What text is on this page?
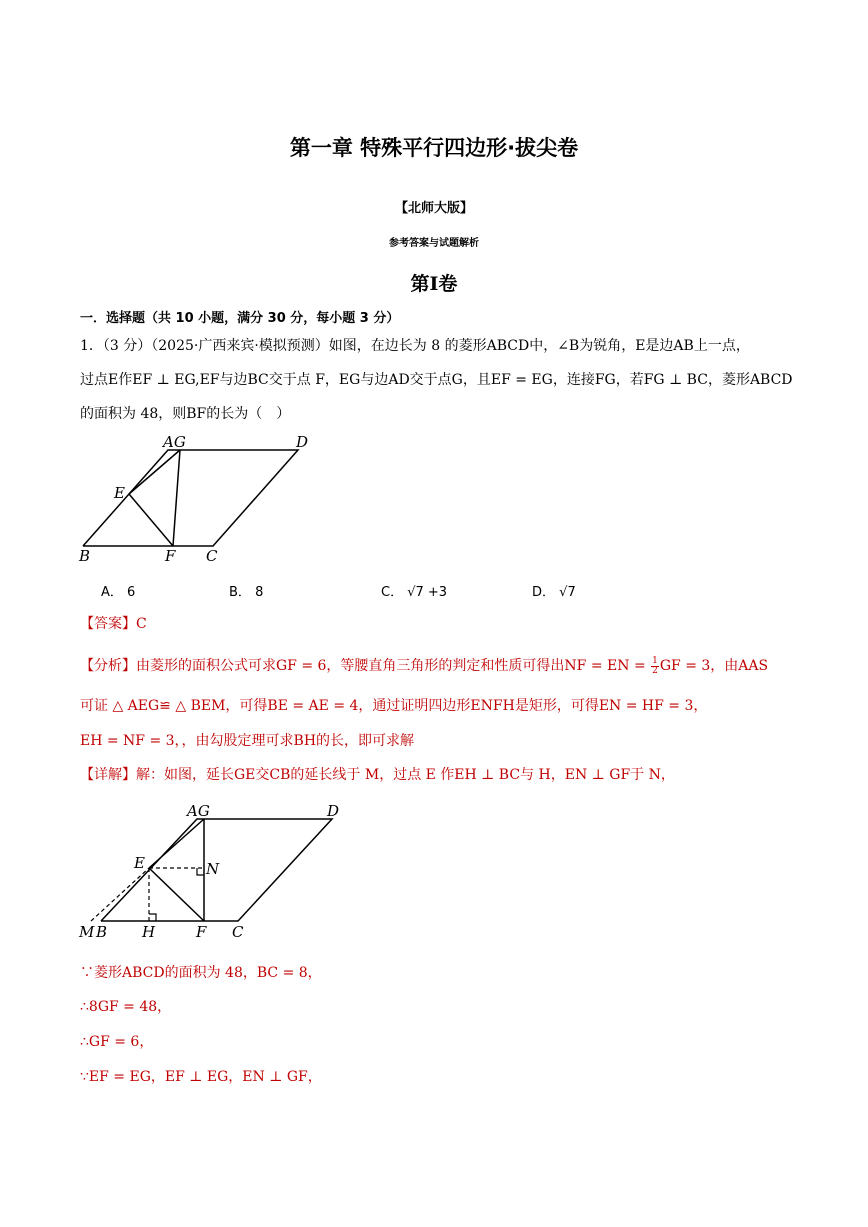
第一章 特殊平行四边形·拔尖卷
【北师大版】
参考答案与试题解析
第Ⅰ卷
一．选择题（共 10 小题，满分 30 分，每小题 3 分）
1．（3 分）（2025·广西来宾·模拟预测）如图，在边长为 8 的菱形ABCD中，∠B为锐角，E是边AB上一点，
过点E作EF ⊥ EG,EF与边BC交于点 F，EG与边AD交于点G，且EF = EG，连接FG，若FG ⊥ BC，菱形ABCD
的面积为 48，则BF的长为（　）
AG	D
E
B	F C
A． 6	B． 8	C． √7 +3	D． √7
【答案】C
【分析】由菱形的面积公式可求GF = 6，等腰直角三角形的判定和性质可得出NF = EN = $\frac{1}{2}$ GF = 3，由AAS
可证 △ AEG≌ △ BEM，可得BE = AE = 4，通过证明四边形ENFH是矩形，可得EN = HF = 3，
EH = NF = 3，，由勾股定理可求BH的长，即可求解
【详解】解：如图，延长GE交CB的延长线于 M，过点 E 作EH ⊥ BC与 H，EN ⊥ GF于 N，
AG	D
E	N
M B H	F C
∵菱形ABCD的面积为 48，BC = 8，
∴8GF = 48，
∴GF = 6，
∵EF = EG，EF ⊥ EG，EN ⊥ GF，
